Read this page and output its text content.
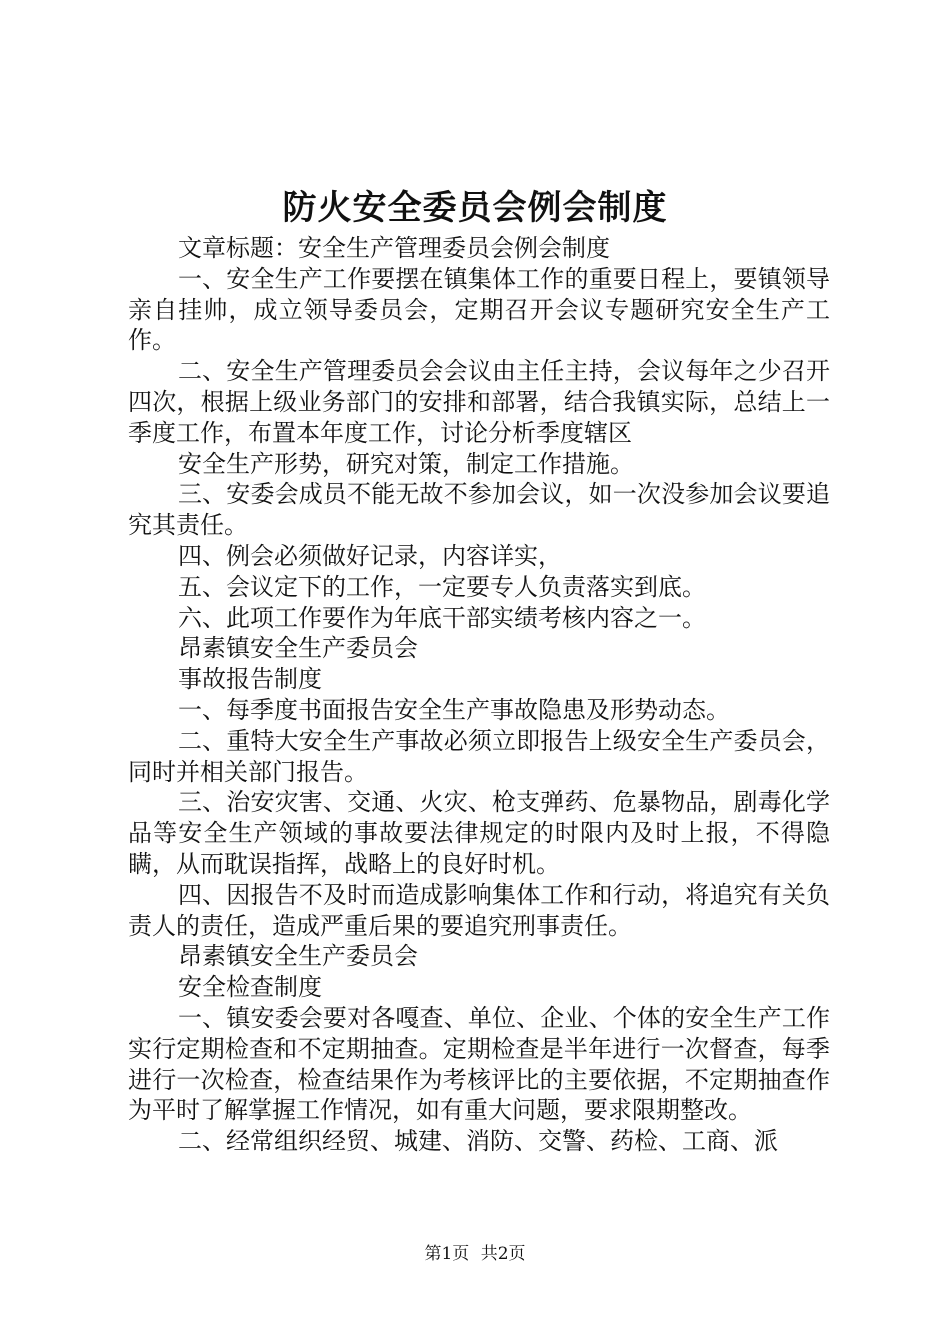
防火安全委员会例会制度

文章标题：安全生产管理委员会例会制度

一、安全生产工作要摆在镇集体工作的重要日程上，要镇领导亲自挂帅，成立领导委员会，定期召开会议专题研究安全生产工作。

二、安全生产管理委员会会议由主任主持，会议每年之少召开四次，根据上级业务部门的安排和部署，结合我镇实际，总结上一季度工作，布置本年度工作，讨论分析季度辖区

安全生产形势，研究对策，制定工作措施。

三、安委会成员不能无故不参加会议，如一次没参加会议要追究其责任。

四、例会必须做好记录，内容详实，

五、会议定下的工作，一定要专人负责落实到底。

六、此项工作要作为年底干部实绩考核内容之一。

昂素镇安全生产委员会

事故报告制度

一、每季度书面报告安全生产事故隐患及形势动态。

二、重特大安全生产事故必须立即报告上级安全生产委员会，同时并相关部门报告。

三、治安灾害、交通、火灾、枪支弹药、危暴物品，剧毒化学品等安全生产领域的事故要法律规定的时限内及时上报，不得隐瞒，从而耽误指挥，战略上的良好时机。

四、因报告不及时而造成影响集体工作和行动，将追究有关负责人的责任，造成严重后果的要追究刑事责任。

昂素镇安全生产委员会

安全检查制度

一、镇安委会要对各嘎查、单位、企业、个体的安全生产工作实行定期检查和不定期抽查。定期检查是半年进行一次督查，每季进行一次检查，检查结果作为考核评比的主要依据，不定期抽查作为平时了解掌握工作情况，如有重大问题，要求限期整改。

二、经常组织经贸、城建、消防、交警、药检、工商、派

第1页 共2页
